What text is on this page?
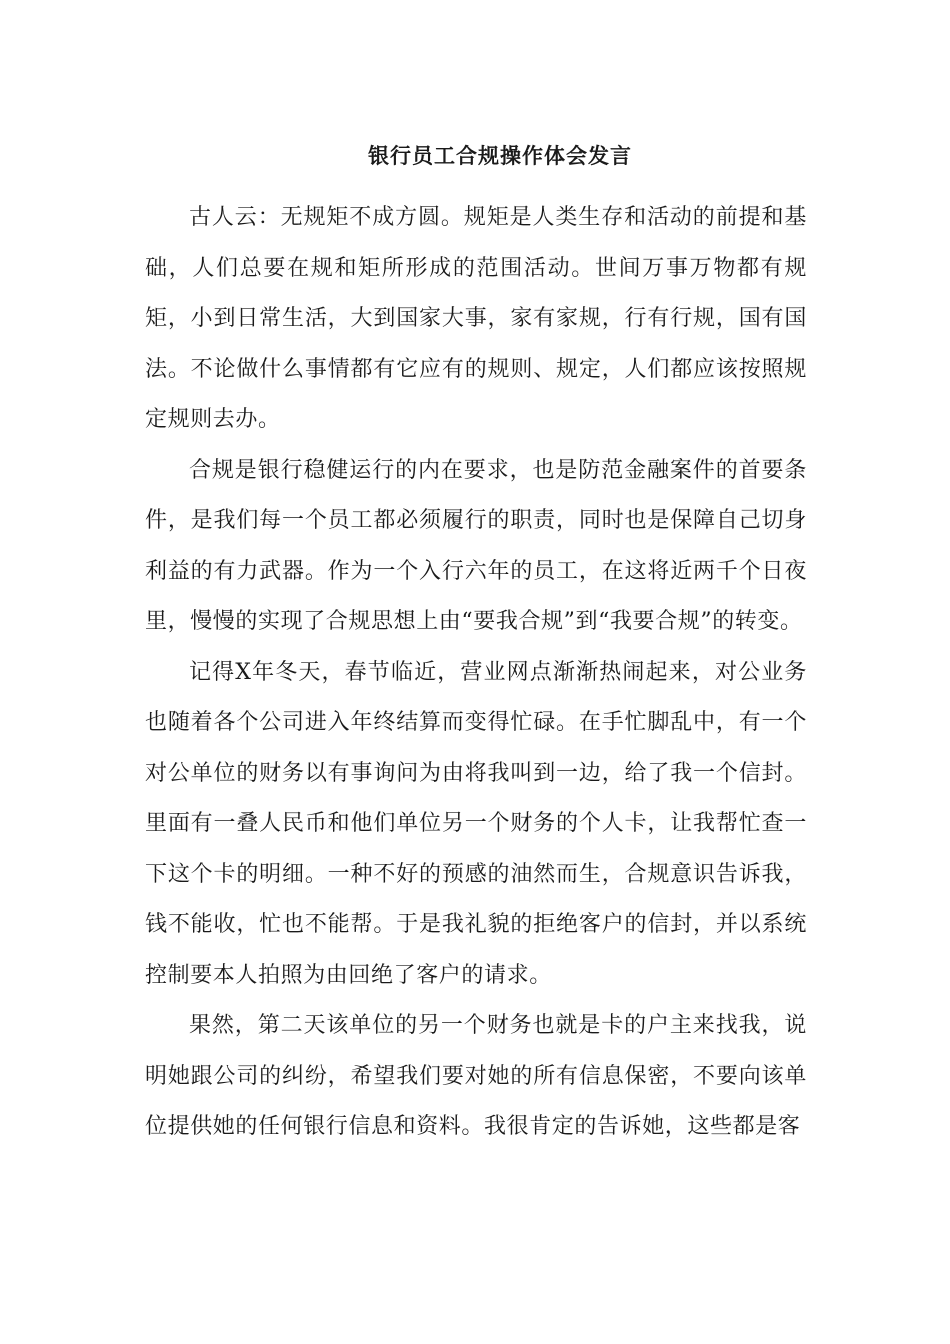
银行员工合规操作体会发言

古人云：无规矩不成方圆。规矩是人类生存和活动的前提和基础，人们总要在规和矩所形成的范围活动。世间万事万物都有规矩，小到日常生活，大到国家大事，家有家规，行有行规，国有国法。不论做什么事情都有它应有的规则、规定，人们都应该按照规定规则去办。

合规是银行稳健运行的内在要求，也是防范金融案件的首要条件，是我们每一个员工都必须履行的职责，同时也是保障自己切身利益的有力武器。作为一个入行六年的员工，在这将近两千个日夜里，慢慢的实现了合规思想上由“要我合规”到“我要合规”的转变。

记得X年冬天，春节临近，营业网点渐渐热闹起来，对公业务也随着各个公司进入年终结算而变得忙碌。在手忙脚乱中，有一个对公单位的财务以有事询问为由将我叫到一边，给了我一个信封。里面有一叠人民币和他们单位另一个财务的个人卡，让我帮忙查一下这个卡的明细。一种不好的预感的油然而生，合规意识告诉我，钱不能收，忙也不能帮。于是我礼貌的拒绝客户的信封，并以系统控制要本人拍照为由回绝了客户的请求。

果然，第二天该单位的另一个财务也就是卡的户主来找我，说明她跟公司的纠纷，希望我们要对她的所有信息保密，不要向该单位提供她的任何银行信息和资料。我很肯定的告诉她，这些都是客
